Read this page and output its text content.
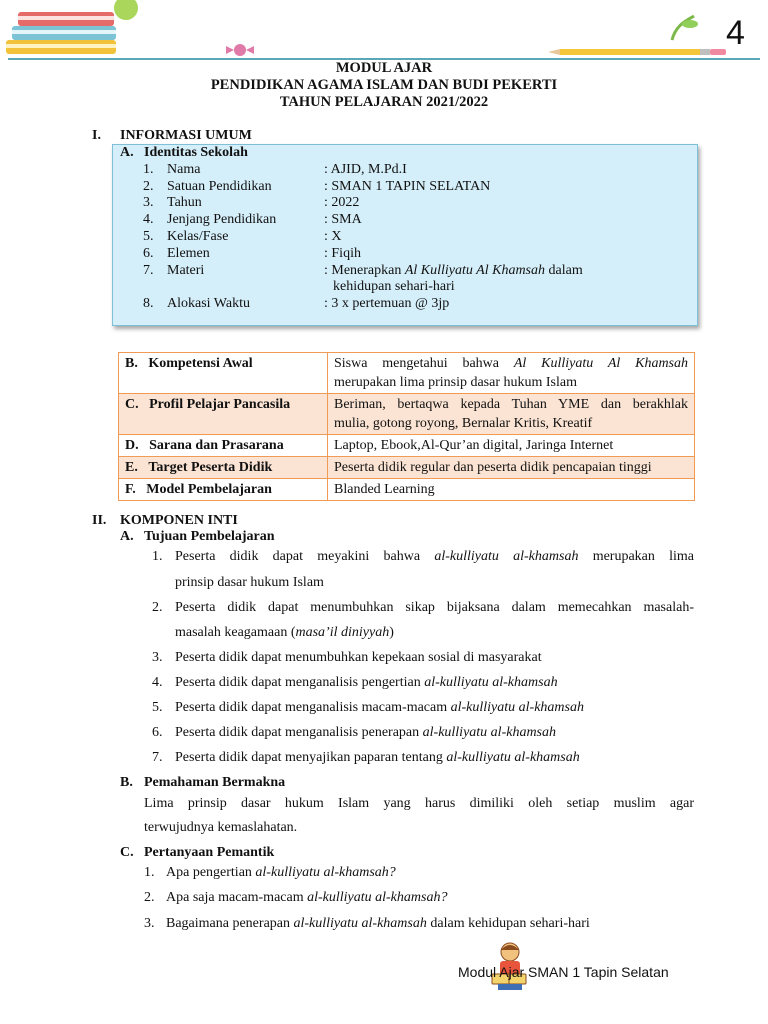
4
MODUL AJAR
PENDIDIKAN AGAMA ISLAM DAN BUDI PEKERTI
TAHUN PELAJARAN 2021/2022
I. INFORMASI UMUM
A. Identitas Sekolah
1. Nama	: AJID, M.Pd.I
2. Satuan Pendidikan	: SMAN 1 TAPIN SELATAN
3. Tahun	: 2022
4. Jenjang Pendidikan	: SMA
5. Kelas/Fase	: X
6. Elemen	: Fiqih
7. Materi	: Menerapkan Al Kulliyatu Al Khamsah dalam
kehidupan sehari-hari
8. Alokasi Waktu	: 3 x pertemuan @ 3jp
B. Kompetensi Awal	Siswa mengetahui bahwa Al Kulliyatu Al Khamsah
merupakan lima prinsip dasar hukum Islam

C. Profil Pelajar Pancasila	Beriman, bertaqwa kepada Tuhan YME dan berakhlak
mulia, gotong royong, Bernalar Kritis, Kreatif

D. Sarana dan Prasarana	Laptop, Ebook,Al-Qur’an digital, Jaringa Internet
E. Target Peserta Didik	Peserta didik regular dan peserta didik pencapaian tinggi
F. Model Pembelajaran	Blanded Learning
II. KOMPONEN INTI
A. Tujuan Pembelajaran
1. Peserta didik dapat meyakini bahwa al-kulliyatu al-khamsah merupakan lima
prinsip dasar hukum Islam
2. Peserta didik dapat menumbuhkan sikap bijaksana dalam memecahkan masalah-
masalah keagamaan (masa’il diniyyah)
3. Peserta didik dapat menumbuhkan kepekaan sosial di masyarakat
4. Peserta didik dapat menganalisis pengertian al-kulliyatu al-khamsah
5. Peserta didik dapat menganalisis macam-macam al-kulliyatu al-khamsah
6. Peserta didik dapat menganalisis penerapan al-kulliyatu al-khamsah
7. Peserta didik dapat menyajikan paparan tentang al-kulliyatu al-khamsah
B. Pemahaman Bermakna
Lima prinsip dasar hukum Islam yang harus dimiliki oleh setiap muslim agar
terwujudnya kemaslahatan.
C. Pertanyaan Pemantik
1. Apa pengertian al-kulliyatu al-khamsah?
2. Apa saja macam-macam al-kulliyatu al-khamsah?
3. Bagaimana penerapan al-kulliyatu al-khamsah dalam kehidupan sehari-hari
Modul Ajar SMAN 1 Tapin Selatan
